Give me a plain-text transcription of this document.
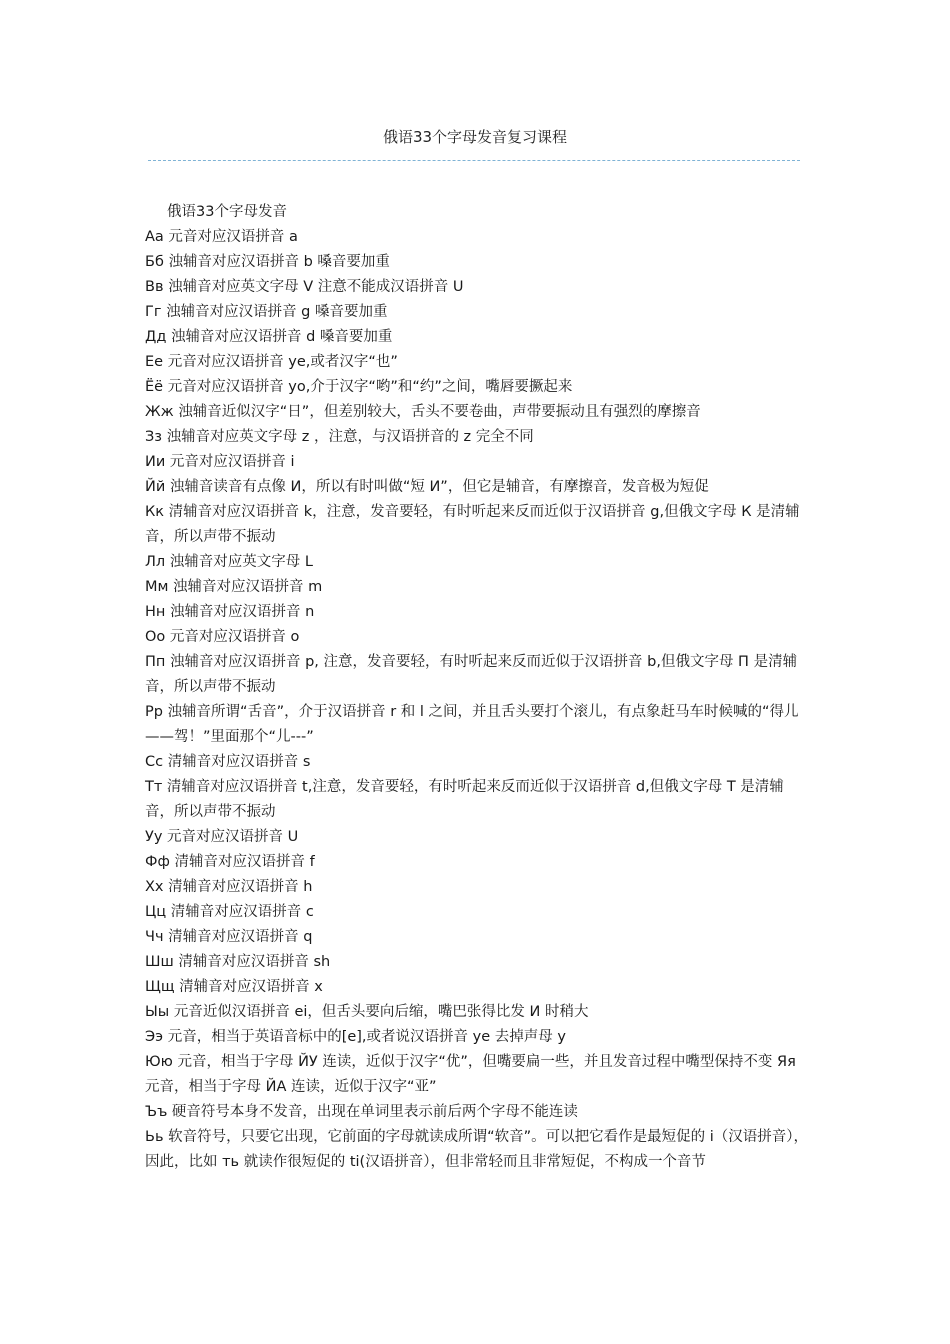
俄语33个字母发音复习课程

俄语33个字母发音

Аа 元音对应汉语拼音 a

Бб 浊辅音对应汉语拼音 b 嗓音要加重

Вв 浊辅音对应英文字母 V 注意不能成汉语拼音 U

Гг 浊辅音对应汉语拼音 g 嗓音要加重

Дд 浊辅音对应汉语拼音 d 嗓音要加重

Ее 元音对应汉语拼音 ye,或者汉字“也”

Ёё 元音对应汉语拼音 yo,介于汉字“哟”和“约”之间，嘴唇要撅起来

Жж 浊辅音近似汉字“日”，但差别较大，舌头不要卷曲，声带要振动且有强烈的摩擦音

Зз 浊辅音对应英文字母 z ，注意，与汉语拼音的 z 完全不同

Ии 元音对应汉语拼音 i

Йй 浊辅音读音有点像 И，所以有时叫做“短 И”，但它是辅音，有摩擦音，发音极为短促

Кк 清辅音对应汉语拼音 k，注意，发音要轻，有时听起来反而近似于汉语拼音 g,但俄文字母 К 是清辅音，所以声带不振动

Лл 浊辅音对应英文字母 L

Мм 浊辅音对应汉语拼音 m

Нн 浊辅音对应汉语拼音 n

Оо 元音对应汉语拼音 o

Пп 浊辅音对应汉语拼音 p, 注意，发音要轻，有时听起来反而近似于汉语拼音 b,但俄文字母 П 是清辅音，所以声带不振动

Рр 浊辅音所谓“舌音”，介于汉语拼音 r 和 l 之间，并且舌头要打个滚儿，有点象赶马车时候喊的“得儿——驾！”里面那个“儿---”

Сс 清辅音对应汉语拼音 s

Тт 清辅音对应汉语拼音 t,注意，发音要轻，有时听起来反而近似于汉语拼音 d,但俄文字母 Т 是清辅音，所以声带不振动

Уу 元音对应汉语拼音 U

Фф 清辅音对应汉语拼音 f

Хх 清辅音对应汉语拼音 h

Цц 清辅音对应汉语拼音 c

Чч 清辅音对应汉语拼音 q

Шш 清辅音对应汉语拼音 sh

Щщ 清辅音对应汉语拼音 x

Ыы 元音近似汉语拼音 ei，但舌头要向后缩，嘴巴张得比发 И 时稍大

Ээ 元音，相当于英语音标中的[e],或者说汉语拼音 ye 去掉声母 y

Юю 元音，相当于字母 ЙУ 连读，近似于汉字“优”，但嘴要扁一些，并且发音过程中嘴型保持不变 Яя 元音，相当于字母 ЙА 连读，近似于汉字“亚”

Ъъ 硬音符号本身不发音，出现在单词里表示前后两个字母不能连读

Ьь 软音符号，只要它出现，它前面的字母就读成所谓“软音”。可以把它看作是最短促的 i（汉语拼音），因此，比如 ть 就读作很短促的 ti(汉语拼音），但非常轻而且非常短促，不构成一个音节
